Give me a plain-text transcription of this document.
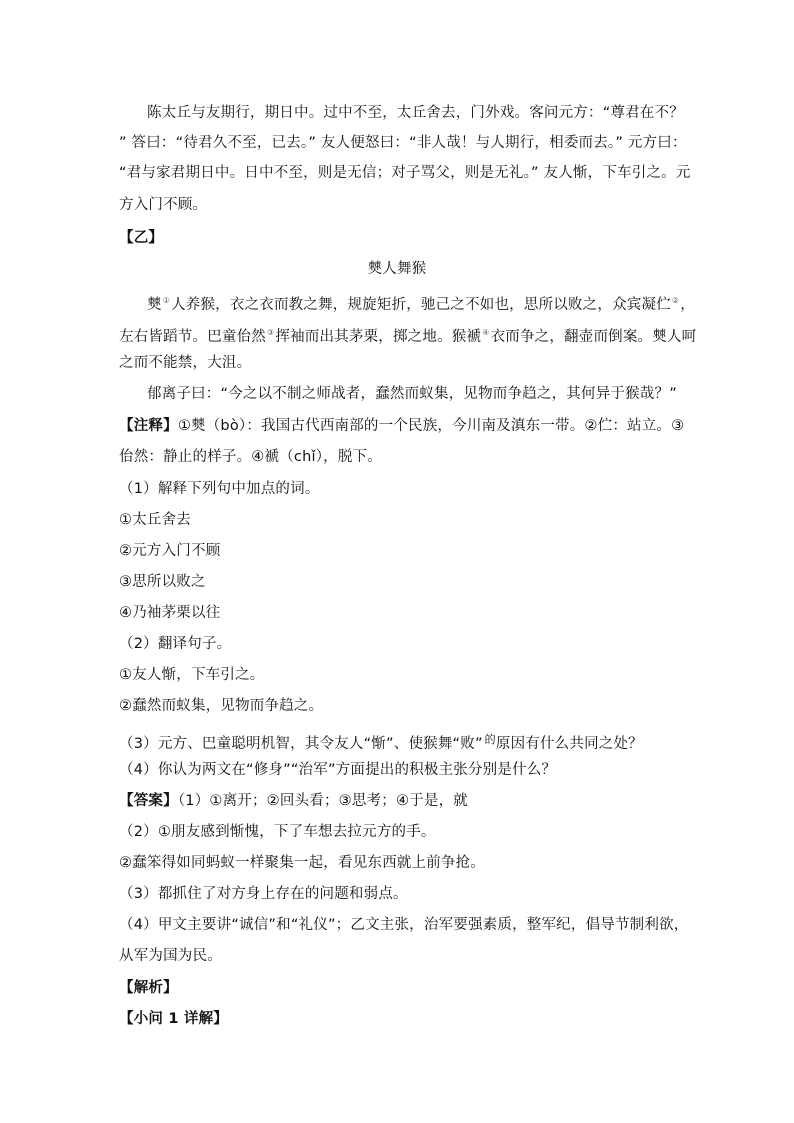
陈太丘与友期行，期日中。过中不至，太丘舍去，门外戏。客问元方：“尊君在不？
” 答曰：“待君久不至，已去。” 友人便怒曰：“非人哉！与人期行，相委而去。” 元方曰：
“君与家君期日中。日中不至，则是无信；对子骂父，则是无礼。” 友人惭，下车引之。元
方入门不顾。
【乙】
僰人舞猴
僰①人养猴，衣之衣而教之舞，规旋矩折，驰己之不如也，思所以败之，众宾凝伫②，
左右皆蹈节。巴童佁然③挥袖而出其茅栗，掷之地。猴褫④衣而争之，翻壶而倒案。僰人呵
之而不能禁，大沮。
郁离子曰：“今之以不制之师战者，蠢然而蚁集，见物而争趋之，其何异于猴哉？”
【注释】①僰（bò）：我国古代西南部的一个民族，今川南及滇东一带。②伫：站立。③
佁然：静止的样子。④褫（chǐ），脱下。
（1）解释下列句中加点的词。
①太丘舍去
②元方入门不顾
③思所以败之
④乃袖茅栗以往
（2）翻译句子。
①友人惭，下车引之。
②蠢然而蚁集，见物而争趋之。
（3）元方、巴童聪明机智，其令友人“惭”、使猴舞“败” $^的$原因有什么共同之处？
（4）你认为两文在“修身”“治军”方面提出的积极主张分别是什么？
【答案】（1）①离开；②回头看；③思考；④于是，就
（2）①朋友感到惭愧，下了车想去拉元方的手。
②蠢笨得如同蚂蚁一样聚集一起，看见东西就上前争抢。
（3）都抓住了对方身上存在的问题和弱点。
（4）甲文主要讲“诚信”和“礼仪”；乙文主张，治军要强素质，整军纪，倡导节制利欲，
从军为国为民。
【解析】
【小问 1 详解】
